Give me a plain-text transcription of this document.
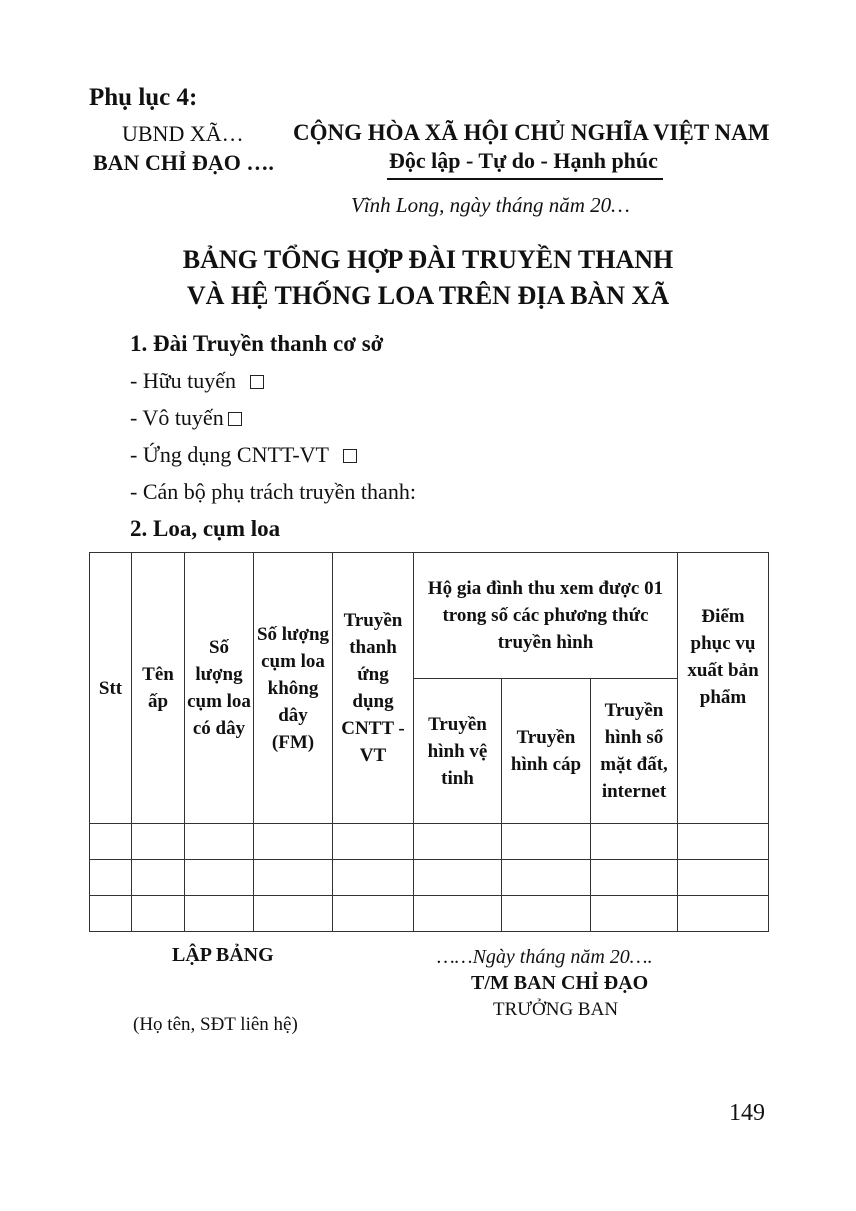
Phụ lục 4:
UBND XÃ…
BAN CHỈ ĐẠO ….
CỘNG HÒA XÃ HỘI CHỦ NGHĨA VIỆT NAM
Độc lập - Tự do - Hạnh phúc
Vĩnh Long, ngày tháng năm 20…
BẢNG TỔNG HỢP ĐÀI TRUYỀN THANH
VÀ HỆ THỐNG LOA TRÊN ĐỊA BÀN XÃ
1. Đài Truyền thanh cơ sở
- Hữu tuyến
- Vô tuyến
- Ứng dụng CNTT-VT
- Cán bộ phụ trách truyền thanh:
2. Loa, cụm loa
Stt	Tên ấp	Số lượng cụm loa có dây	Số lượng cụm loa không dây (FM)	Truyền thanh ứng dụng CNTT - VT	Hộ gia đình thu xem được 01 trong số các phương thức truyền hình			Điểm phục vụ xuất bản phẩm
					Truyền hình vệ tinh	Truyền hình cáp	Truyền hình số mặt đất, internet	

LẬP BẢNG
(Họ tên, SĐT liên hệ)
……Ngày tháng năm 20….
T/M BAN CHỈ ĐẠO
TRƯỞNG BAN
149
